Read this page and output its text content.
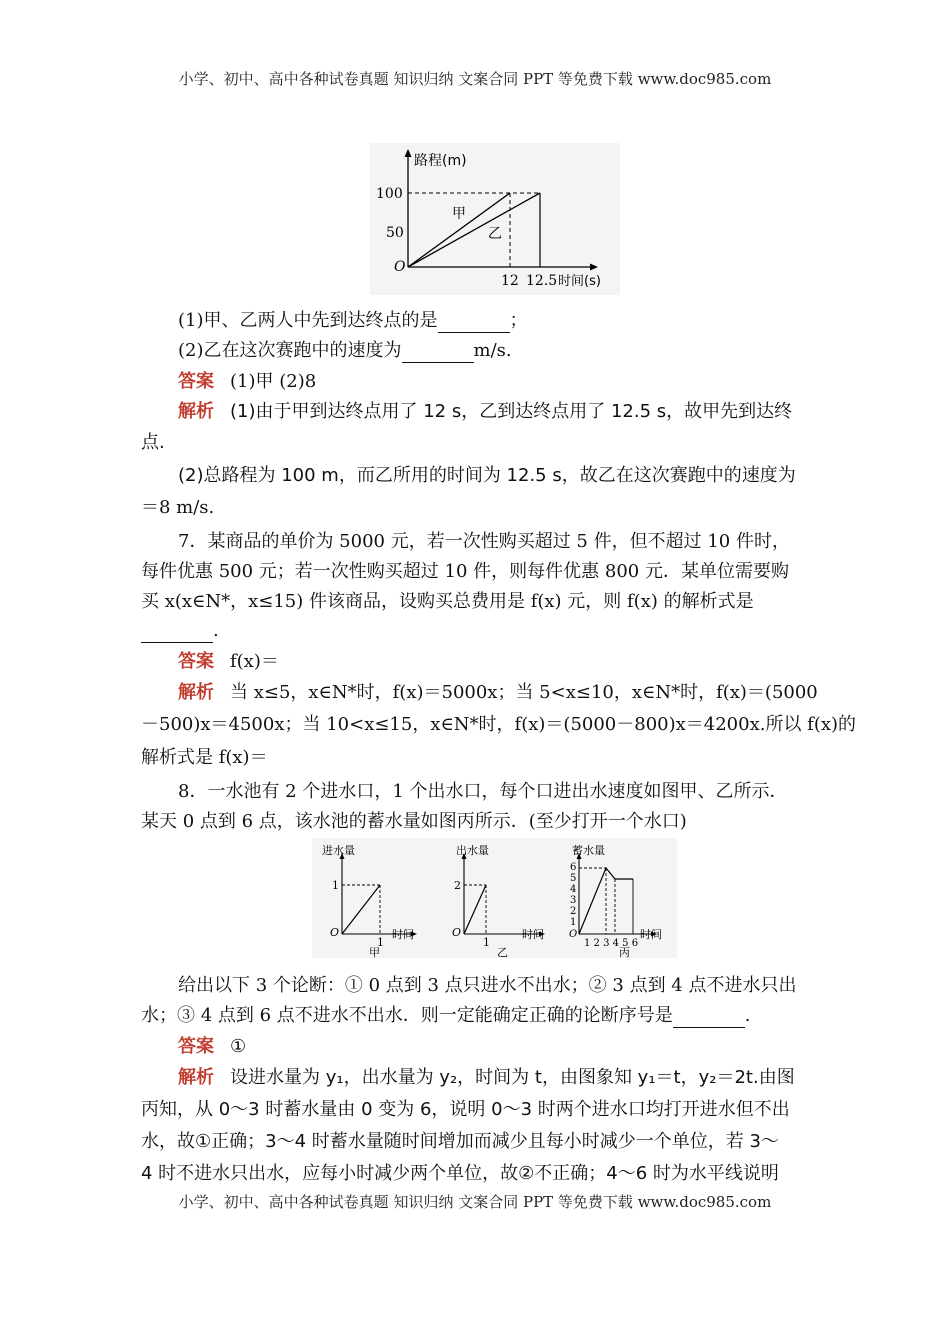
小学、初中、高中各种试卷真题 知识归纳 文案合同 PPT 等免费下载 www.doc985.com
小学、初中、高中各种试卷真题 知识归纳 文案合同 PPT 等免费下载 www.doc985.com
路程(m)
100
50
O
甲
乙
12 12.5 时间(s)
(1)甲、乙两人中先到达终点的是	；
(2)乙在这次赛跑中的速度为	m/s.
答案 (1)甲 (2)8
解析 (1)由于甲到达终点用了 12 s，乙到达终点用了 12.5 s，故甲先到达终
点.
(2)总路程为 100 m，而乙所用的时间为 12.5 s，故乙在这次赛跑中的速度为
＝8 m/s.
7．某商品的单价为 5000 元，若一次性购买超过 5 件，但不超过 10 件时，
每件优惠 500 元；若一次性购买超过 10 件，则每件优惠 800 元．某单位需要购
买 x(x∈N*，x≤15) 件该商品，设购买总费用是 f(x) 元，则 f(x) 的解析式是
.
答案 f(x)＝
解析 当 x≤5，x∈N*时，f(x)＝5000x；当 5<x≤10，x∈N*时，f(x)＝(5000
－500)x＝4500x；当 10<x≤15，x∈N*时，f(x)＝(5000－800)x＝4200x.所以 f(x)的
解析式是 f(x)＝
8．一水池有 2 个进水口，1 个出水口，每个口进出水速度如图甲、乙所示．
某天 0 点到 6 点，该水池的蓄水量如图丙所示．(至少打开一个水口)
进水量
1
O
1
时间
甲
出水量
2
O
1
时间
乙
蓄水量
6
5
4
3
2
1
O
1 2 3 4 5 6
时间
丙
给出以下 3 个论断：① 0 点到 3 点只进水不出水；② 3 点到 4 点不进水只出
水；③ 4 点到 6 点不进水不出水．则一定能确定正确的论断序号是	.
答案 ①
解析 设进水量为 y₁，出水量为 y₂，时间为 t，由图象知 y₁＝t，y₂＝2t.由图
丙知，从 0～3 时蓄水量由 0 变为 6，说明 0～3 时两个进水口均打开进水但不出
水，故①正确；3～4 时蓄水量随时间增加而减少且每小时减少一个单位，若 3～
4 时不进水只出水，应每小时减少两个单位，故②不正确；4～6 时为水平线说明
